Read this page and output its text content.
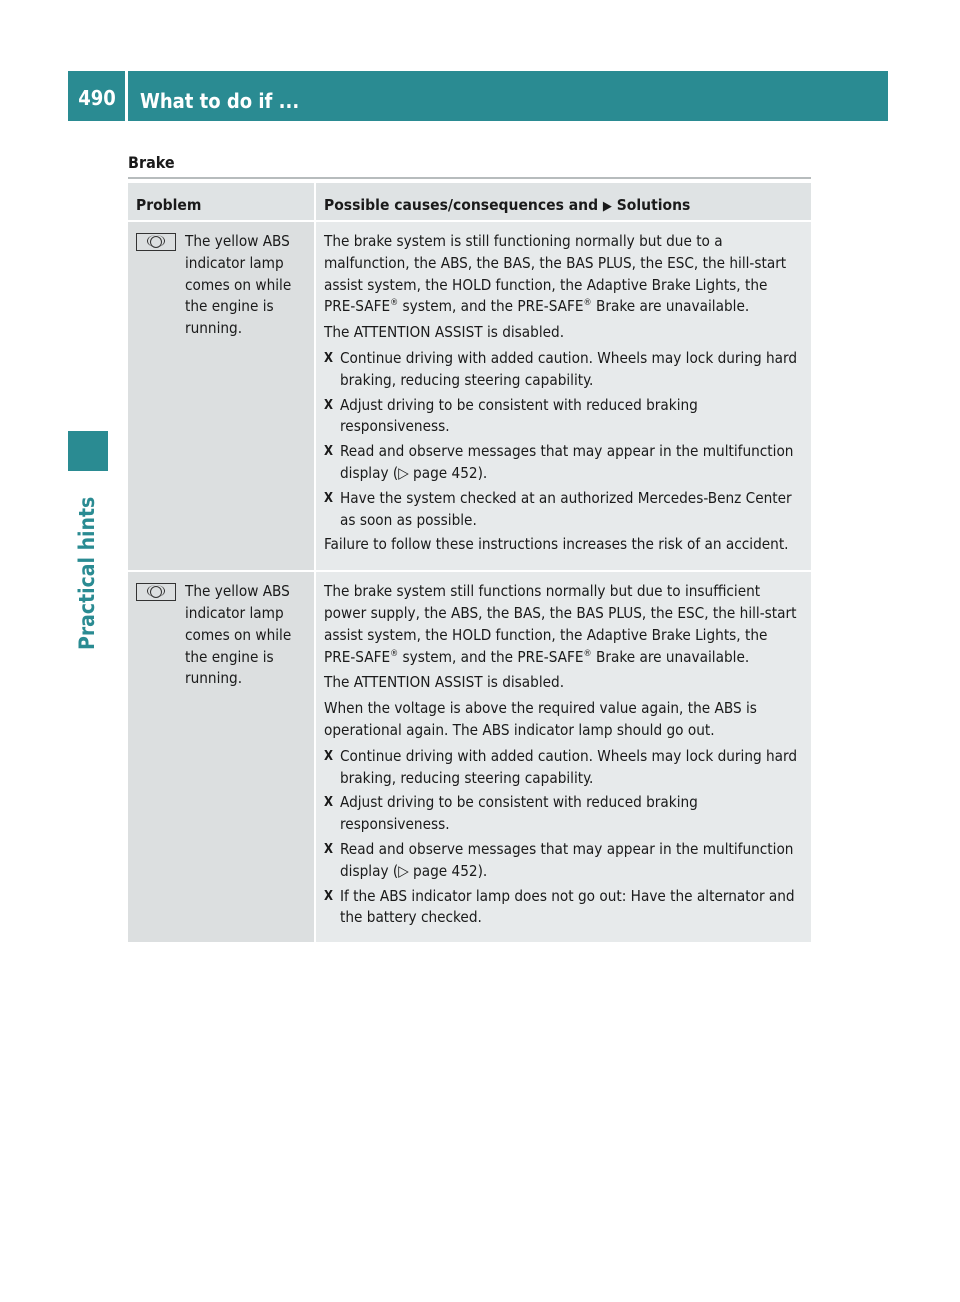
490	What to do if ...
Practical hints
Brake
Problem	Possible causes/consequences and ▶ Solutions
The yellow ABS indicator lamp comes on while the engine is running.
The brake system is still functioning normally but due to a malfunction, the ABS, the BAS, the BAS PLUS, the ESC, the hill-start assist system, the HOLD function, the Adaptive Brake Lights, the PRE-SAFE® system, and the PRE-SAFE® Brake are unavailable.
The ATTENTION ASSIST is disabled.
X Continue driving with added caution. Wheels may lock during hard braking, reducing steering capability.
X Adjust driving to be consistent with reduced braking responsiveness.
X Read and observe messages that may appear in the multifunction display (▷ page 452).
X Have the system checked at an authorized Mercedes-Benz Center as soon as possible.
Failure to follow these instructions increases the risk of an accident.
The yellow ABS indicator lamp comes on while the engine is running.
The brake system still functions normally but due to insufficient power supply, the ABS, the BAS, the BAS PLUS, the ESC, the hill-start assist system, the HOLD function, the Adaptive Brake Lights, the PRE-SAFE® system, and the PRE-SAFE® Brake are unavailable.
The ATTENTION ASSIST is disabled.
When the voltage is above the required value again, the ABS is operational again. The ABS indicator lamp should go out.
X Continue driving with added caution. Wheels may lock during hard braking, reducing steering capability.
X Adjust driving to be consistent with reduced braking responsiveness.
X Read and observe messages that may appear in the multifunction display (▷ page 452).
X If the ABS indicator lamp does not go out: Have the alternator and the battery checked.
